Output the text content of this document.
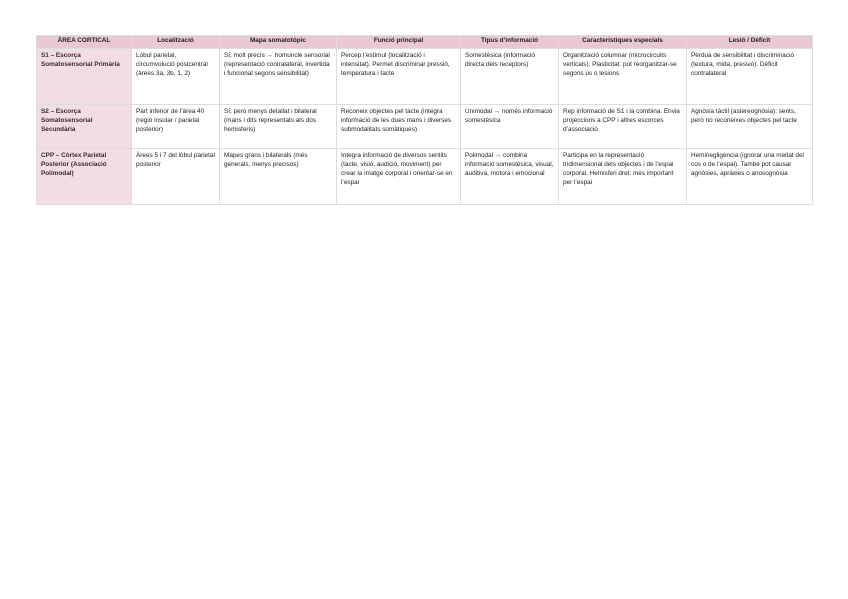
ÀREA CORTICAL	Localització	Mapa somatotòpic	Funció principal	Tipus d’informació	Característiques especials	Lesió / Dèficit
S1 – Escorça Somatosensorial Primària	Lòbul parietal, circumvolució postcentral (àrees 3a, 3b, 1, 2)	Sí, molt precís → homuncle sensorial (representació contralateral, invertida i funcional segons sensibilitat)	Percep l’estímul (localització i intensitat). Permet discriminar pressió, temperatura i tacte	Somestèsica (informació directa dels receptors)	Organització columnar (microcircuits verticals). Plasticitat: pot reorganitzar-se segons ús o lesions	Pèrdua de sensibilitat i discriminació (textura, mida, pressió). Dèficit contralateral
S2 – Escorça Somatosensorial Secundària	Part inferior de l’àrea 40 (regió insular / parietal posterior)	Sí, però menys detallat i bilateral (mans i dits representats als dos hemisferis)	Reconeix objectes pel tacte (integra informació de les dues mans i diverses submodalitats somàtiques)	Unimodal → només informació somestèsica	Rep informació de S1 i la combina. Envia projeccions a CPP i altres escorces d’associació	Agnòsia tàctil (astereognòsia): sents, però no reconeixes objectes pel tacte
CPP – Còrtex Parietal Posterior (Associació Polimodal)	Àrees 5 i 7 del lòbul parietal posterior	Mapes grans i bilaterals (més generals, menys precisos)	Integra informació de diversos sentits (tacte, visió, audició, moviment) per crear la imatge corporal i orientar-se en l’espai	Polimodal → combina informació somestèsica, visual, auditiva, motora i emocional	Participa en la representació tridimensional dels objectes i de l’espai corporal. Hemisferi dret: més important per l’espai	Heminegligència (ignorar una meitat del cos o de l’espai). També pot causar agnòsies, apràxies o anosognòsia
